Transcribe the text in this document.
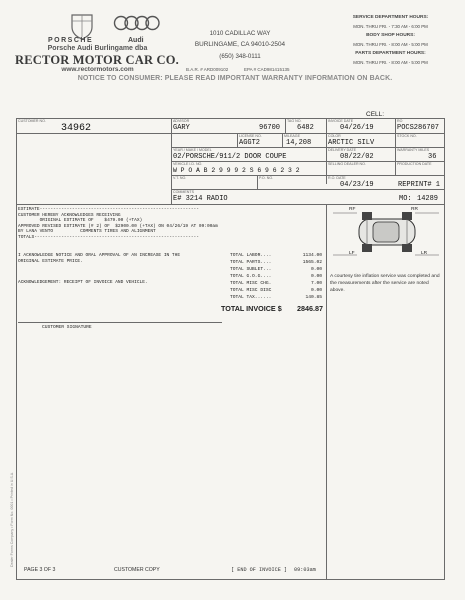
PORSCHE	Audi
Porsche Audi Burlingame dba
RECTOR MOTOR CAR CO.
www.rectormotors.com	B.A.R. # ARD009102	EPA # CAD981415135
1010 CADILLAC WAY
BURLINGAME, CA 94010-2504
(650) 348-0111
SERVICE DEPARTMENT HOURS:
MON. THRU FRI. - 7:30 AM - 6:00 PM
BODY SHOP HOURS:
MON. THRU FRI. - 8:00 AM - 5:00 PM
PARTS DEPARTMENT HOURS:
MON. THRU FRI. - 8:00 AM - 5:00 PM
NOTICE TO CONSUMER: PLEASE READ IMPORTANT WARRANTY INFORMATION ON BACK.
CELL:
CUSTOMER NO.
34962
ADVISOR
GARY	96700
TAG NO.
6482
INVOICE DATE
04/26/19
RO
POCS286707
LICENSE NO.
AGGT2
MILEAGE
14,208
COLOR
ARCTIC SILV
STOCK NO.
YEAR / MAKE / MODEL
02/PORSCHE/911/2 DOOR COUPE
DELIVERY DATE
08/22/02
WARRANTY MILES
36
VEHICLE I.D. NO.
W P O A B 2 9 9 9 2 S 6 9 6 2 3 2
SELLING DEALER NO.	PRODUCTION DATE
V.T. NO.	P.O. NO.	R.O. DATE
04/23/19	REPRINT# 1
COMMENTS
E# 3214 RADIO	MO: 14289
ESTIMATE-----------------------------------------------------------
CUSTOMER HEREBY ACKNOWLEDGES RECEIVING
ORIGINAL ESTIMATE OF    $479.00 (+TAX)
APPROVED REVISED ESTIMATE (# 2) OF  $2900.00 (+TAX) ON 04/26/19 AT 09:00am
BY LANA VENTO          COMMENTS TIRES AND ALIGNMENT
TOTALS-------------------------------------------------------------
I ACKNOWLEDGE NOTICE AND ORAL APPROVAL OF AN INCREASE IN THE
ORIGINAL ESTIMATE PRICE.
ACKNOWLEDGEMENT: RECEIPT OF INVOICE AND VEHICLE.
TOTAL LABOR....	1134.00
TOTAL PARTS....	1565.02
TOTAL SUBLET...	0.00
TOTAL G.O.G....	0.00
TOTAL MISC CHG.	7.00
TOTAL MISC DISC	0.00
TOTAL TAX......	140.85
TOTAL INVOICE $ 2846.87
CUSTOMER SIGNATURE
RF	RR
LF	LR
A courtesy tire inflation service was completed and the measurements after the service are noted above.
Dealer Forms Company • Form No. 0001 • Printed in U.S.A.
PAGE 3 OF 3	CUSTOMER COPY	[ END OF INVOICE ] 09:03am
